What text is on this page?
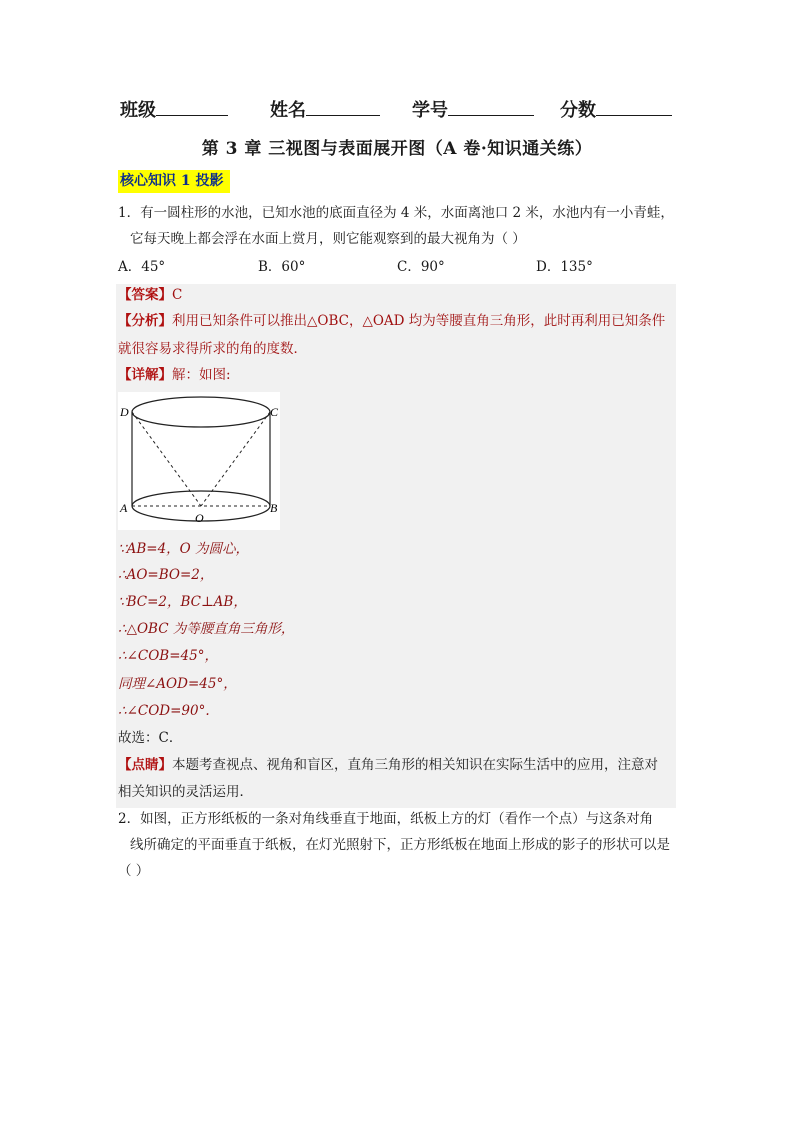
班级	姓名	学号	分数
第 3 章 三视图与表面展开图（A 卷·知识通关练）
核心知识 1 投影
1．有一圆柱形的水池，已知水池的底面直径为 4 米，水面离池口 2 米，水池内有一小青蛙，
它每天晚上都会浮在水面上赏月，则它能观察到的最大视角为（ ）
A．45°	B．60°	C．90°	D．135°
【答案】C
【分析】利用已知条件可以推出△OBC，△OAD 均为等腰直角三角形，此时再利用已知条件
就很容易求得所求的角的度数．
【详解】解：如图:
D	C
A	B
O
∵AB=4，O 为圆心，
∴AO=BO=2，
∵BC=2，BC⊥AB，
∴△OBC 为等腰直角三角形，
∴∠COB=45°，
同理∠AOD=45°，
∴∠COD=90°.
故选：C．
【点睛】本题考查视点、视角和盲区，直角三角形的相关知识在实际生活中的应用，注意对
相关知识的灵活运用．
2．如图，正方形纸板的一条对角线垂直于地面，纸板上方的灯（看作一个点）与这条对角
线所确定的平面垂直于纸板，在灯光照射下，正方形纸板在地面上形成的影子的形状可以是
（ ）
